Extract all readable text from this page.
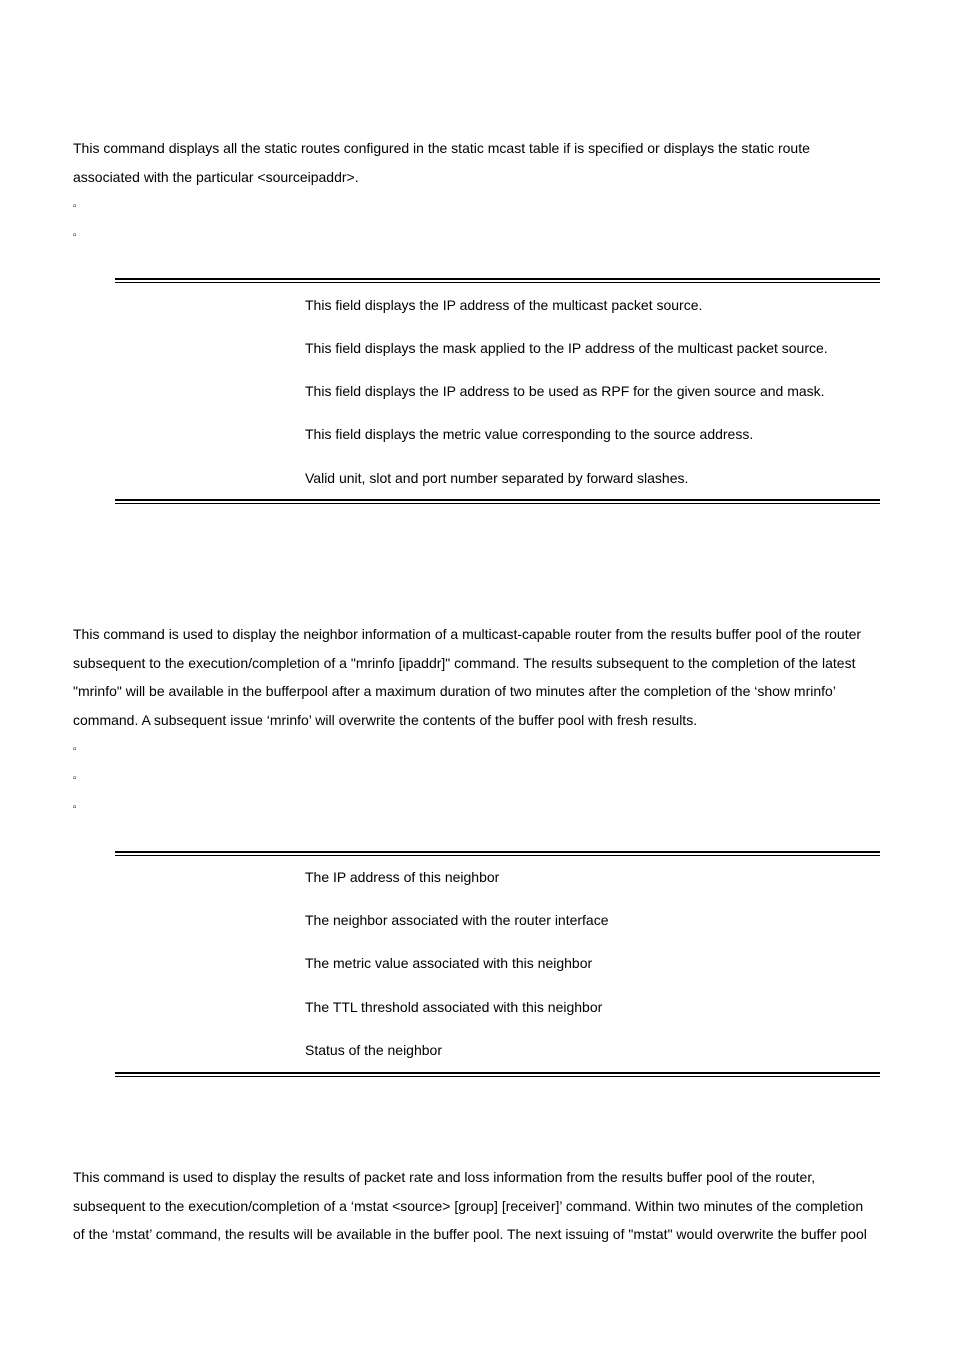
This command displays all the static routes configured in the static mcast table if is specified or displays the static route
associated with the particular <sourceipaddr>.

▫
▫
This field displays the IP address of the multicast packet source.
This field displays the mask applied to the IP address of the multicast packet source.
This field displays the IP address to be used as RPF for the given source and mask.
This field displays the metric value corresponding to the source address.
Valid unit, slot and port number separated by forward slashes.

This command is used to display the neighbor information of a multicast-capable router from the results buffer pool of the router
subsequent to the execution/completion of a "mrinfo [ipaddr]" command. The results subsequent to the completion of the latest
"mrinfo" will be available in the bufferpool after a maximum duration of two minutes after the completion of the ‘show mrinfo’
command. A subsequent issue ‘mrinfo’ will overwrite the contents of the buffer pool with fresh results.

▫
▫
▫
The IP address of this neighbor
The neighbor associated with the router interface
The metric value associated with this neighbor
The TTL threshold associated with this neighbor
Status of the neighbor

This command is used to display the results of packet rate and loss information from the results buffer pool of the router,
subsequent to the execution/completion of a ‘mstat <source> [group] [receiver]’ command. Within two minutes of the completion
of the ‘mstat’ command, the results will be available in the buffer pool. The next issuing of "mstat" would overwrite the buffer pool
